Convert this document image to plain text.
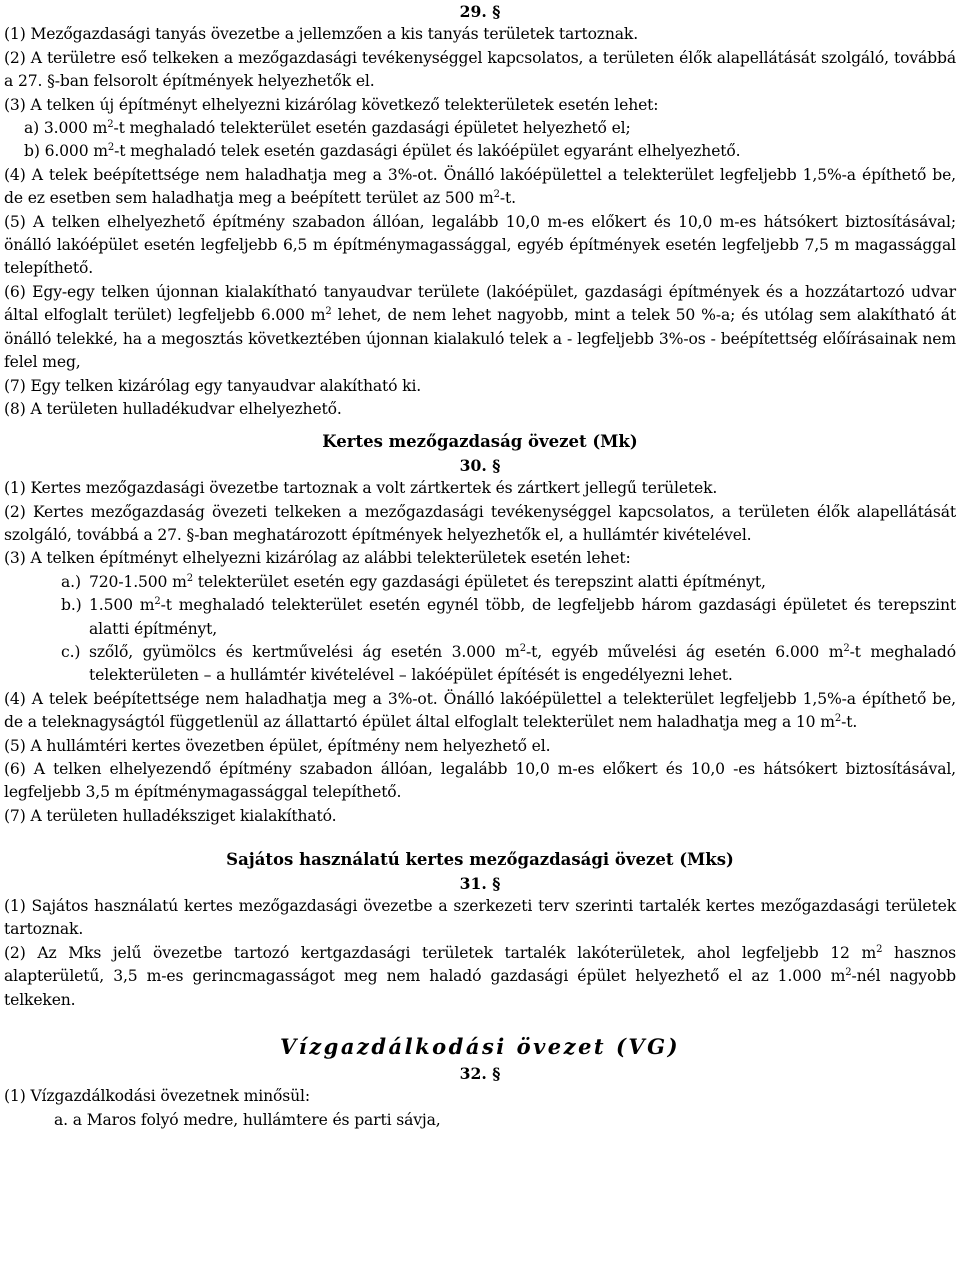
29. §

(1) Mezőgazdasági tanyás övezetbe a jellemzően a kis tanyás területek tartoznak.

(2) A területre eső telkeken a mezőgazdasági tevékenységgel kapcsolatos, a területen élők alapellátását szolgáló, továbbá a 27. §-ban felsorolt építmények helyezhetők el.

(3) A telken új építményt elhelyezni kizárólag következő telekterületek esetén lehet:

a) 3.000 $m^2-t$ meghaladó telekterület esetén gazdasági épületet helyezhető el;

b) 6.000 $m^2-t$ meghaladó telek esetén gazdasági épület és lakóépület egyaránt elhelyezhető.

(4) A telek beépítettsége nem haladhatja meg a 3%-ot. Önálló lakóépülettel a telekterület legfeljebb 1,5%-a építhető be, de ez esetben sem haladhatja meg a beépített terület az 500 $m^2-t$.

(5) A telken elhelyezhető építmény szabadon állóan, legalább 10,0 m-es előkert és 10,0 m-es hátsókert biztosításával; önálló lakóépület esetén legfeljebb 6,5 m építménymagassággal, egyéb építmények esetén legfeljebb 7,5 m magassággal telepíthető.

(6) Egy-egy telken újonnan kialakítható tanyaudvar területe (lakóépület, gazdasági építmények és a hozzátartozó udvar által elfoglalt terület) legfeljebb 6.000 $m^2$ lehet, de nem lehet nagyobb, mint a telek 50 %-a; és utólag sem alakítható át önálló telekké, ha a megosztás következtében újonnan kialakuló telek a - legfeljebb 3%-os - beépítettség előírásainak nem felel meg,

(7) Egy telken kizárólag egy tanyaudvar alakítható ki.

(8) A területen hulladékudvar elhelyezhető.

Kertes mezőgazdaság övezet (Mk)
30. §

(1) Kertes mezőgazdasági övezetbe tartoznak a volt zártkertek és zártkert jellegű területek.

(2) Kertes mezőgazdaság övezeti telkeken a mezőgazdasági tevékenységgel kapcsolatos, a területen élők alapellátását szolgáló, továbbá a 27. §-ban meghatározott építmények helyezhetők el, a hullámtér kivételével.

(3) A telken építményt elhelyezni kizárólag az alábbi telekterületek esetén lehet:

a.) 720-1.500 $m^2$ telekterület esetén egy gazdasági épületet és terepszint alatti építményt,

b.) 1.500 $m^2-t$ meghaladó telekterület esetén egynél több, de legfeljebb három gazdasági épületet és terepszint alatti építményt,

c.) szőlő, gyümölcs és kertművelési ág esetén 3.000 $m^2-t$, egyéb művelési ág esetén 6.000 $m^2-t$ meghaladó telekterületen – a hullámtér kivételével – lakóépület építését is engedélyezni lehet.

(4) A telek beépítettsége nem haladhatja meg a 3%-ot. Önálló lakóépülettel a telekterület legfeljebb 1,5%-a építhető be, de a teleknagyságtól függetlenül az állattartó épület által elfoglalt telekterület nem haladhatja meg a 10 $m^2-t$.

(5) A hullámtéri kertes övezetben épület, építmény nem helyezhető el.

(6) A telken elhelyezendő építmény szabadon állóan, legalább 10,0 m-es előkert és 10,0 -es hátsókert biztosításával, legfeljebb 3,5 m építménymagassággal telepíthető.

(7) A területen hulladéksziget kialakítható.

Sajátos használatú kertes mezőgazdasági övezet (Mks)
31. §

(1) Sajátos használatú kertes mezőgazdasági övezetbe a szerkezeti terv szerinti tartalék kertes mezőgazdasági területek tartoznak.

(2) Az Mks jelű övezetbe tartozó kertgazdasági területek tartalék lakóterületek, ahol legfeljebb 12 $m^2$ hasznos alapterületű, 3,5 m-es gerincmagasságot meg nem haladó gazdasági épület helyezhető el az 1.000 $m^2$-nél nagyobb telkeken.

Vízgazdálkodási övezet (VG)
32. §

(1) Vízgazdálkodási övezetnek minősül:

a. a Maros folyó medre, hullámtere és parti sávja,
